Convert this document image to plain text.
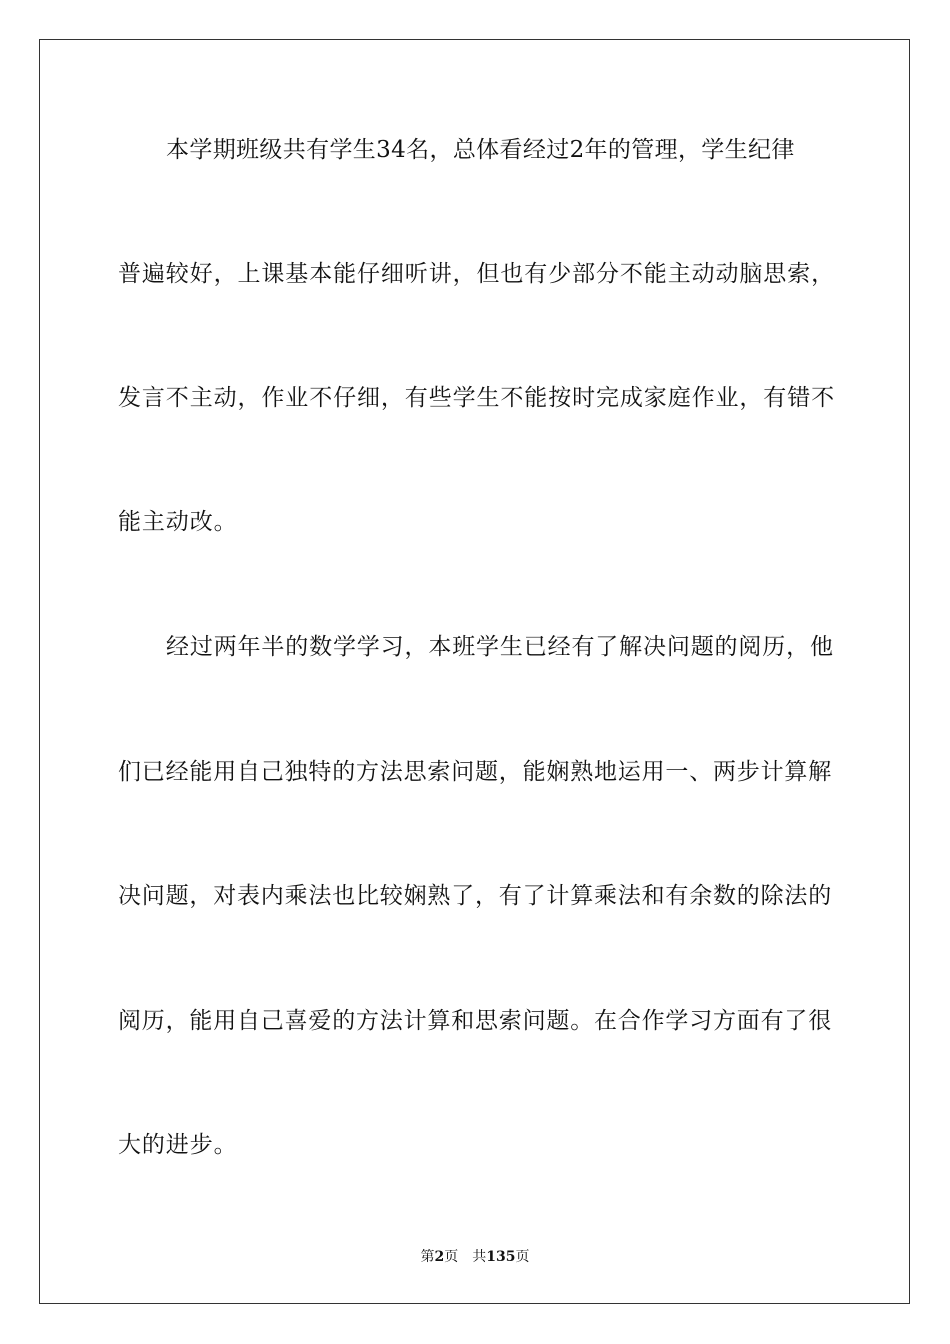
本学期班级共有学生34名，总体看经过2年的管理，学生纪律
普遍较好，上课基本能仔细听讲，但也有少部分不能主动动脑思索，
发言不主动，作业不仔细，有些学生不能按时完成家庭作业，有错不
能主动改。
经过两年半的数学学习，本班学生已经有了解决问题的阅历，他
们已经能用自己独特的方法思索问题，能娴熟地运用一、两步计算解
决问题，对表内乘法也比较娴熟了，有了计算乘法和有余数的除法的
阅历，能用自己喜爱的方法计算和思索问题。在合作学习方面有了很
大的进步。
第2页 共135页
